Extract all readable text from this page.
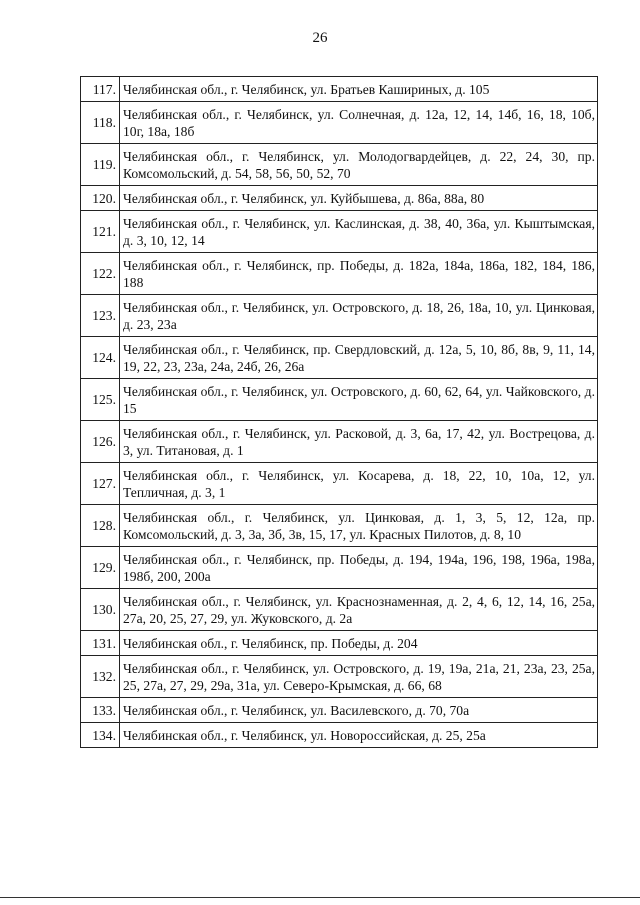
26
117.	Челябинская обл., г. Челябинск, ул. Братьев Кашириных, д. 105
118.	Челябинская обл., г. Челябинск, ул. Солнечная, д. 12а, 12, 14, 14б, 16, 18, 10б, 10г, 18а, 18б
119.	Челябинская обл., г. Челябинск, ул. Молодогвардейцев, д. 22, 24, 30, пр. Комсомольский, д. 54, 58, 56, 50, 52, 70
120.	Челябинская обл., г. Челябинск, ул. Куйбышева, д. 86а, 88а, 80
121.	Челябинская обл., г. Челябинск, ул. Каслинская, д. 38, 40, 36а, ул. Кыштымская, д. 3, 10, 12, 14
122.	Челябинская обл., г. Челябинск, пр. Победы, д. 182а, 184а, 186а, 182, 184, 186, 188
123.	Челябинская обл., г. Челябинск, ул. Островского, д. 18, 26, 18а, 10, ул. Цинковая, д. 23, 23а
124.	Челябинская обл., г. Челябинск, пр. Свердловский, д. 12а, 5, 10, 8б, 8в, 9, 11, 14, 19, 22, 23, 23а, 24а, 24б, 26, 26а
125.	Челябинская обл., г. Челябинск, ул. Островского, д. 60, 62, 64, ул. Чайковского, д. 15
126.	Челябинская обл., г. Челябинск, ул. Расковой, д. 3, 6а, 17, 42, ул. Вострецова, д. 3, ул. Титановая, д. 1
127.	Челябинская обл., г. Челябинск, ул. Косарева, д. 18, 22, 10, 10а, 12, ул. Тепличная, д. 3, 1
128.	Челябинская обл., г. Челябинск, ул. Цинковая, д. 1, 3, 5, 12, 12а, пр. Комсомольский, д. 3, 3а, 3б, 3в, 15, 17, ул. Красных Пилотов, д. 8, 10
129.	Челябинская обл., г. Челябинск, пр. Победы, д. 194, 194а, 196, 198, 196а, 198а, 198б, 200, 200а
130.	Челябинская обл., г. Челябинск, ул. Краснознаменная, д. 2, 4, 6, 12, 14, 16, 25а, 27а, 20, 25, 27, 29, ул. Жуковского, д. 2а
131.	Челябинская обл., г. Челябинск, пр. Победы, д. 204
132.	Челябинская обл., г. Челябинск, ул. Островского, д. 19, 19а, 21а, 21, 23а, 23, 25а, 25, 27а, 27, 29, 29а, 31а, ул. Северо-Крымская, д. 66, 68
133.	Челябинская обл., г. Челябинск, ул. Василевского, д. 70, 70а
134.	Челябинская обл., г. Челябинск, ул. Новороссийская, д. 25, 25а
